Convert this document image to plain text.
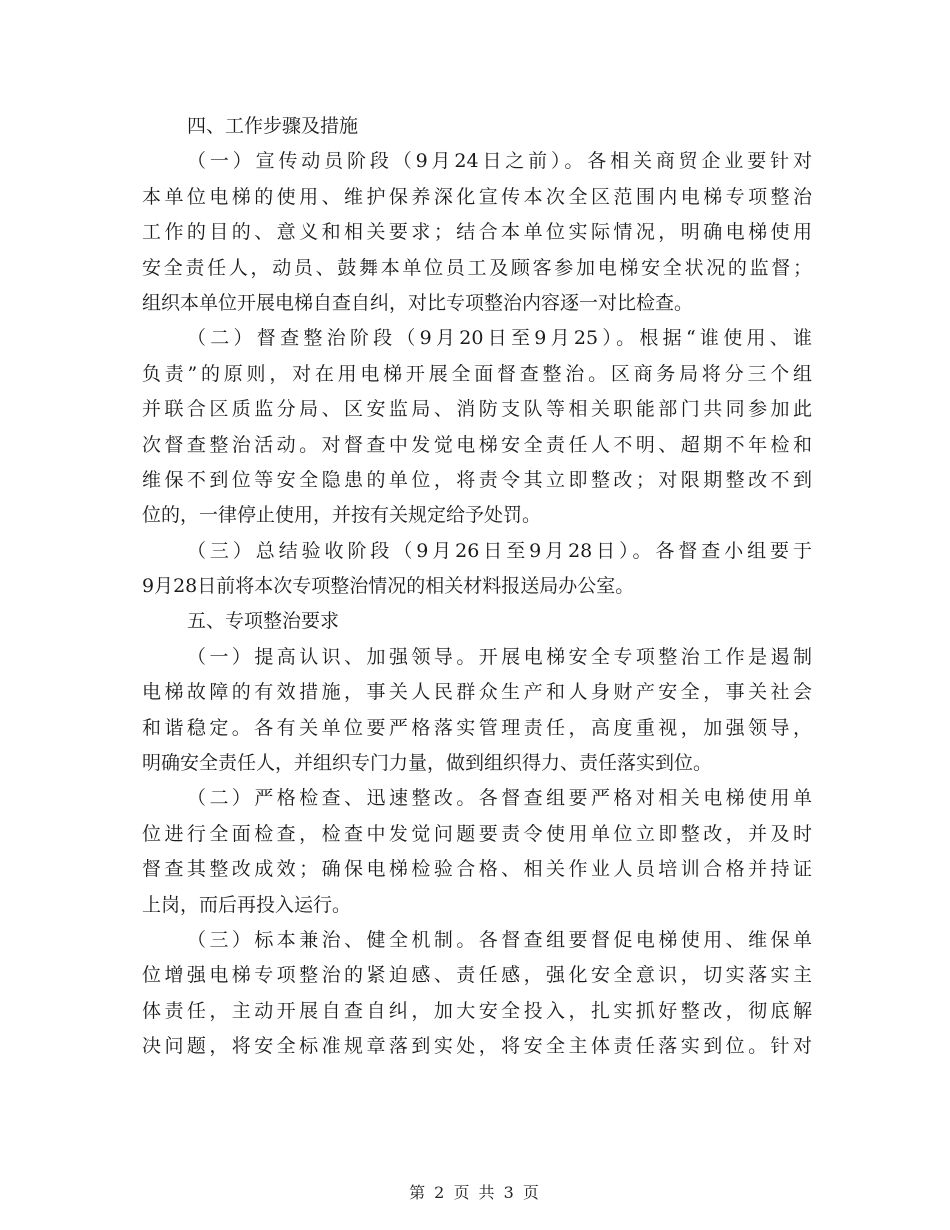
四、工作步骤及措施
（一）宣传动员阶段（9月24日之前）。各相关商贸企业要针对
本单位电梯的使用、维护保养深化宣传本次全区范围内电梯专项整治
工作的目的、意义和相关要求；结合本单位实际情况，明确电梯使用
安全责任人，动员、鼓舞本单位员工及顾客参加电梯安全状况的监督；
组织本单位开展电梯自查自纠，对比专项整治内容逐一对比检查。
（二）督查整治阶段（9月20日至9月25）。根据“谁使用、谁
负责”的原则，对在用电梯开展全面督查整治。区商务局将分三个组
并联合区质监分局、区安监局、消防支队等相关职能部门共同参加此
次督查整治活动。对督查中发觉电梯安全责任人不明、超期不年检和
维保不到位等安全隐患的单位，将责令其立即整改；对限期整改不到
位的，一律停止使用，并按有关规定给予处罚。
（三）总结验收阶段（9月26日至9月28日）。各督查小组要于
9月28日前将本次专项整治情况的相关材料报送局办公室。
五、专项整治要求
（一）提高认识、加强领导。开展电梯安全专项整治工作是遏制
电梯故障的有效措施，事关人民群众生产和人身财产安全，事关社会
和谐稳定。各有关单位要严格落实管理责任，高度重视，加强领导，
明确安全责任人，并组织专门力量，做到组织得力、责任落实到位。
（二）严格检查、迅速整改。各督查组要严格对相关电梯使用单
位进行全面检查，检查中发觉问题要责令使用单位立即整改，并及时
督查其整改成效；确保电梯检验合格、相关作业人员培训合格并持证
上岗，而后再投入运行。
（三）标本兼治、健全机制。各督查组要督促电梯使用、维保单
位增强电梯专项整治的紧迫感、责任感，强化安全意识，切实落实主
体责任，主动开展自查自纠，加大安全投入，扎实抓好整改，彻底解
决问题，将安全标准规章落到实处，将安全主体责任落实到位。针对
第 2 页 共 3 页
